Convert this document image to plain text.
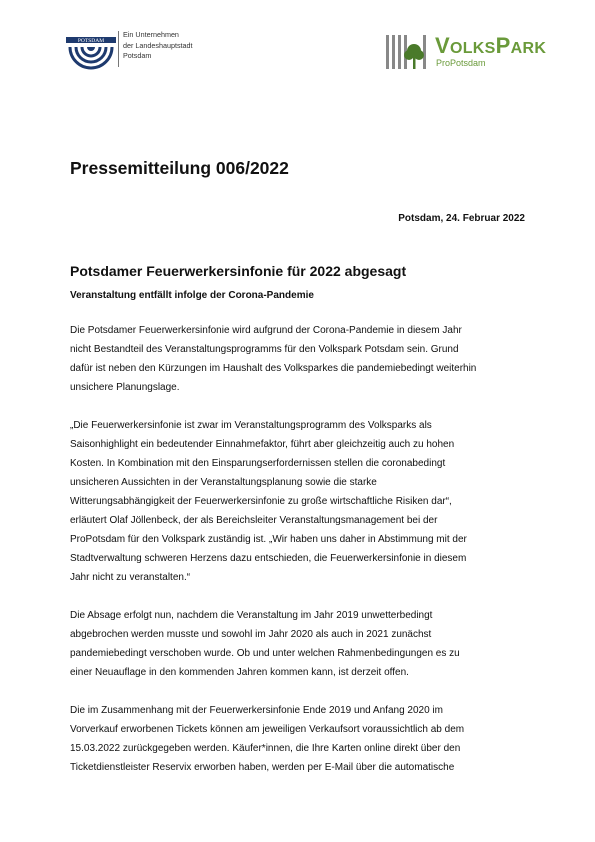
POTSDAM
Ein Unternehmen
der Landeshauptstadt
Potsdam	VOLKSPARK
ProPotsdam
Pressemitteilung 006/2022
Potsdam, 24. Februar 2022
Potsdamer Feuerwerkersinfonie für 2022 abgesagt
Veranstaltung entfällt infolge der Corona-Pandemie
Die Potsdamer Feuerwerkersinfonie wird aufgrund der Corona-Pandemie in diesem Jahr
nicht Bestandteil des Veranstaltungsprogramms für den Volkspark Potsdam sein. Grund
dafür ist neben den Kürzungen im Haushalt des Volksparkes die pandemiebedingt weiterhin
unsichere Planungslage.
„Die Feuerwerkersinfonie ist zwar im Veranstaltungsprogramm des Volksparks als
Saisonhighlight ein bedeutender Einnahmefaktor, führt aber gleichzeitig auch zu hohen
Kosten. In Kombination mit den Einsparungserfordernissen stellen die coronabedingt
unsicheren Aussichten in der Veranstaltungsplanung sowie die starke
Witterungsabhängigkeit der Feuerwerkersinfonie zu große wirtschaftliche Risiken dar“,
erläutert Olaf Jöllenbeck, der als Bereichsleiter Veranstaltungsmanagement bei der
ProPotsdam für den Volkspark zuständig ist. „Wir haben uns daher in Abstimmung mit der
Stadtverwaltung schweren Herzens dazu entschieden, die Feuerwerkersinfonie in diesem
Jahr nicht zu veranstalten.“
Die Absage erfolgt nun, nachdem die Veranstaltung im Jahr 2019 unwetterbedingt
abgebrochen werden musste und sowohl im Jahr 2020 als auch in 2021 zunächst
pandemiebedingt verschoben wurde. Ob und unter welchen Rahmenbedingungen es zu
einer Neuauflage in den kommenden Jahren kommen kann, ist derzeit offen.
Die im Zusammenhang mit der Feuerwerkersinfonie Ende 2019 und Anfang 2020 im
Vorverkauf erworbenen Tickets können am jeweiligen Verkaufsort voraussichtlich ab dem
15.03.2022 zurückgegeben werden. Käufer*innen, die Ihre Karten online direkt über den
Ticketdienstleister Reservix erworben haben, werden per E-Mail über die automatische
